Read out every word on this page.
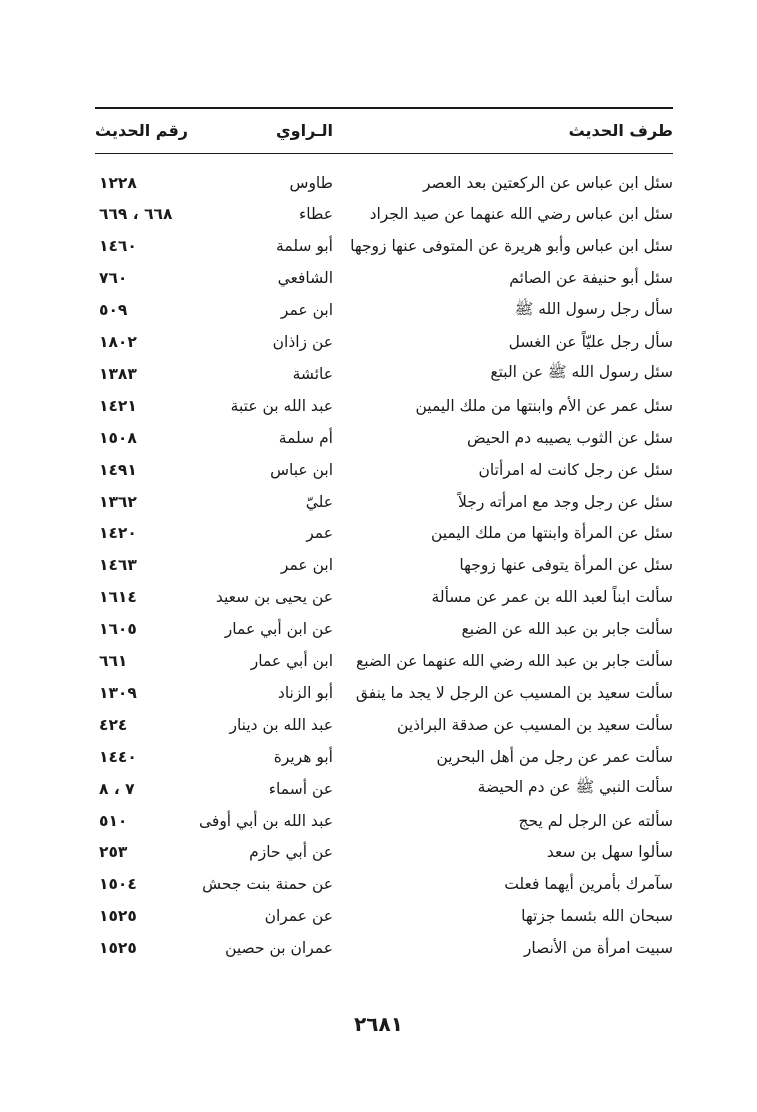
طرف الحديث
الـراوي
رقم الحديث
سئل ابن عباس عن الركعتين بعد العصر
طاوس
١٢٢٨
سئل ابن عباس رضي الله عنهما عن صيد الجراد
عطاء
٦٦٨ ، ٦٦٩
سئل ابن عباس وأبو هريرة عن المتوفى عنها زوجها
أبو سلمة
١٤٦٠
سئل أبو حنيفة عن الصائم
الشافعي
٧٦٠
سأل رجل رسول الله ﷺ
ابن عمر
٥٠٩
سأل رجل عليّاً عن الغسل
عن زاذان
١٨٠٢
سئل رسول الله ﷺ عن البتع
عائشة
١٣٨٣
سئل عمر عن الأم وابنتها من ملك اليمين
عبد الله بن عتبة
١٤٢١
سئل عن الثوب يصيبه دم الحيض
أم سلمة
١٥٠٨
سئل عن رجل كانت له امرأتان
ابن عباس
١٤٩١
سئل عن رجل وجد مع امرأته رجلاً
عليّ
١٣٦٢
سئل عن المرأة وابنتها من ملك اليمين
عمر
١٤٢٠
سئل عن المرأة يتوفى عنها زوجها
ابن عمر
١٤٦٣
سألت ابناً لعبد الله بن عمر عن مسألة
عن يحيى بن سعيد
١٦١٤
سألت جابر بن عبد الله عن الضبع
عن ابن أبي عمار
١٦٠٥
سألت جابر بن عبد الله رضي الله عنهما عن الضبع
ابن أبي عمار
٦٦١
سألت سعيد بن المسيب عن الرجل لا يجد ما ينفق
أبو الزناد
١٣٠٩
سألت سعيد بن المسيب عن صدقة البراذين
عبد الله بن دينار
٤٢٤
سألت عمر عن رجل من أهل البحرين
أبو هريرة
١٤٤٠
سألت النبي ﷺ عن دم الحيضة
عن أسماء
٧ ، ٨
سألته عن الرجل لم يحج
عبد الله بن أبي أوفى
٥١٠
سألوا سهل بن سعد
عن أبي حازم
٢٥٣
سآمرك بأمرين أيهما فعلت
عن حمنة بنت جحش
١٥٠٤
سبحان الله بئسما جزتها
عن عمران
١٥٢٥
سبيت امرأة من الأنصار
عمران بن حصين
١٥٢٥
٢٦٨١
